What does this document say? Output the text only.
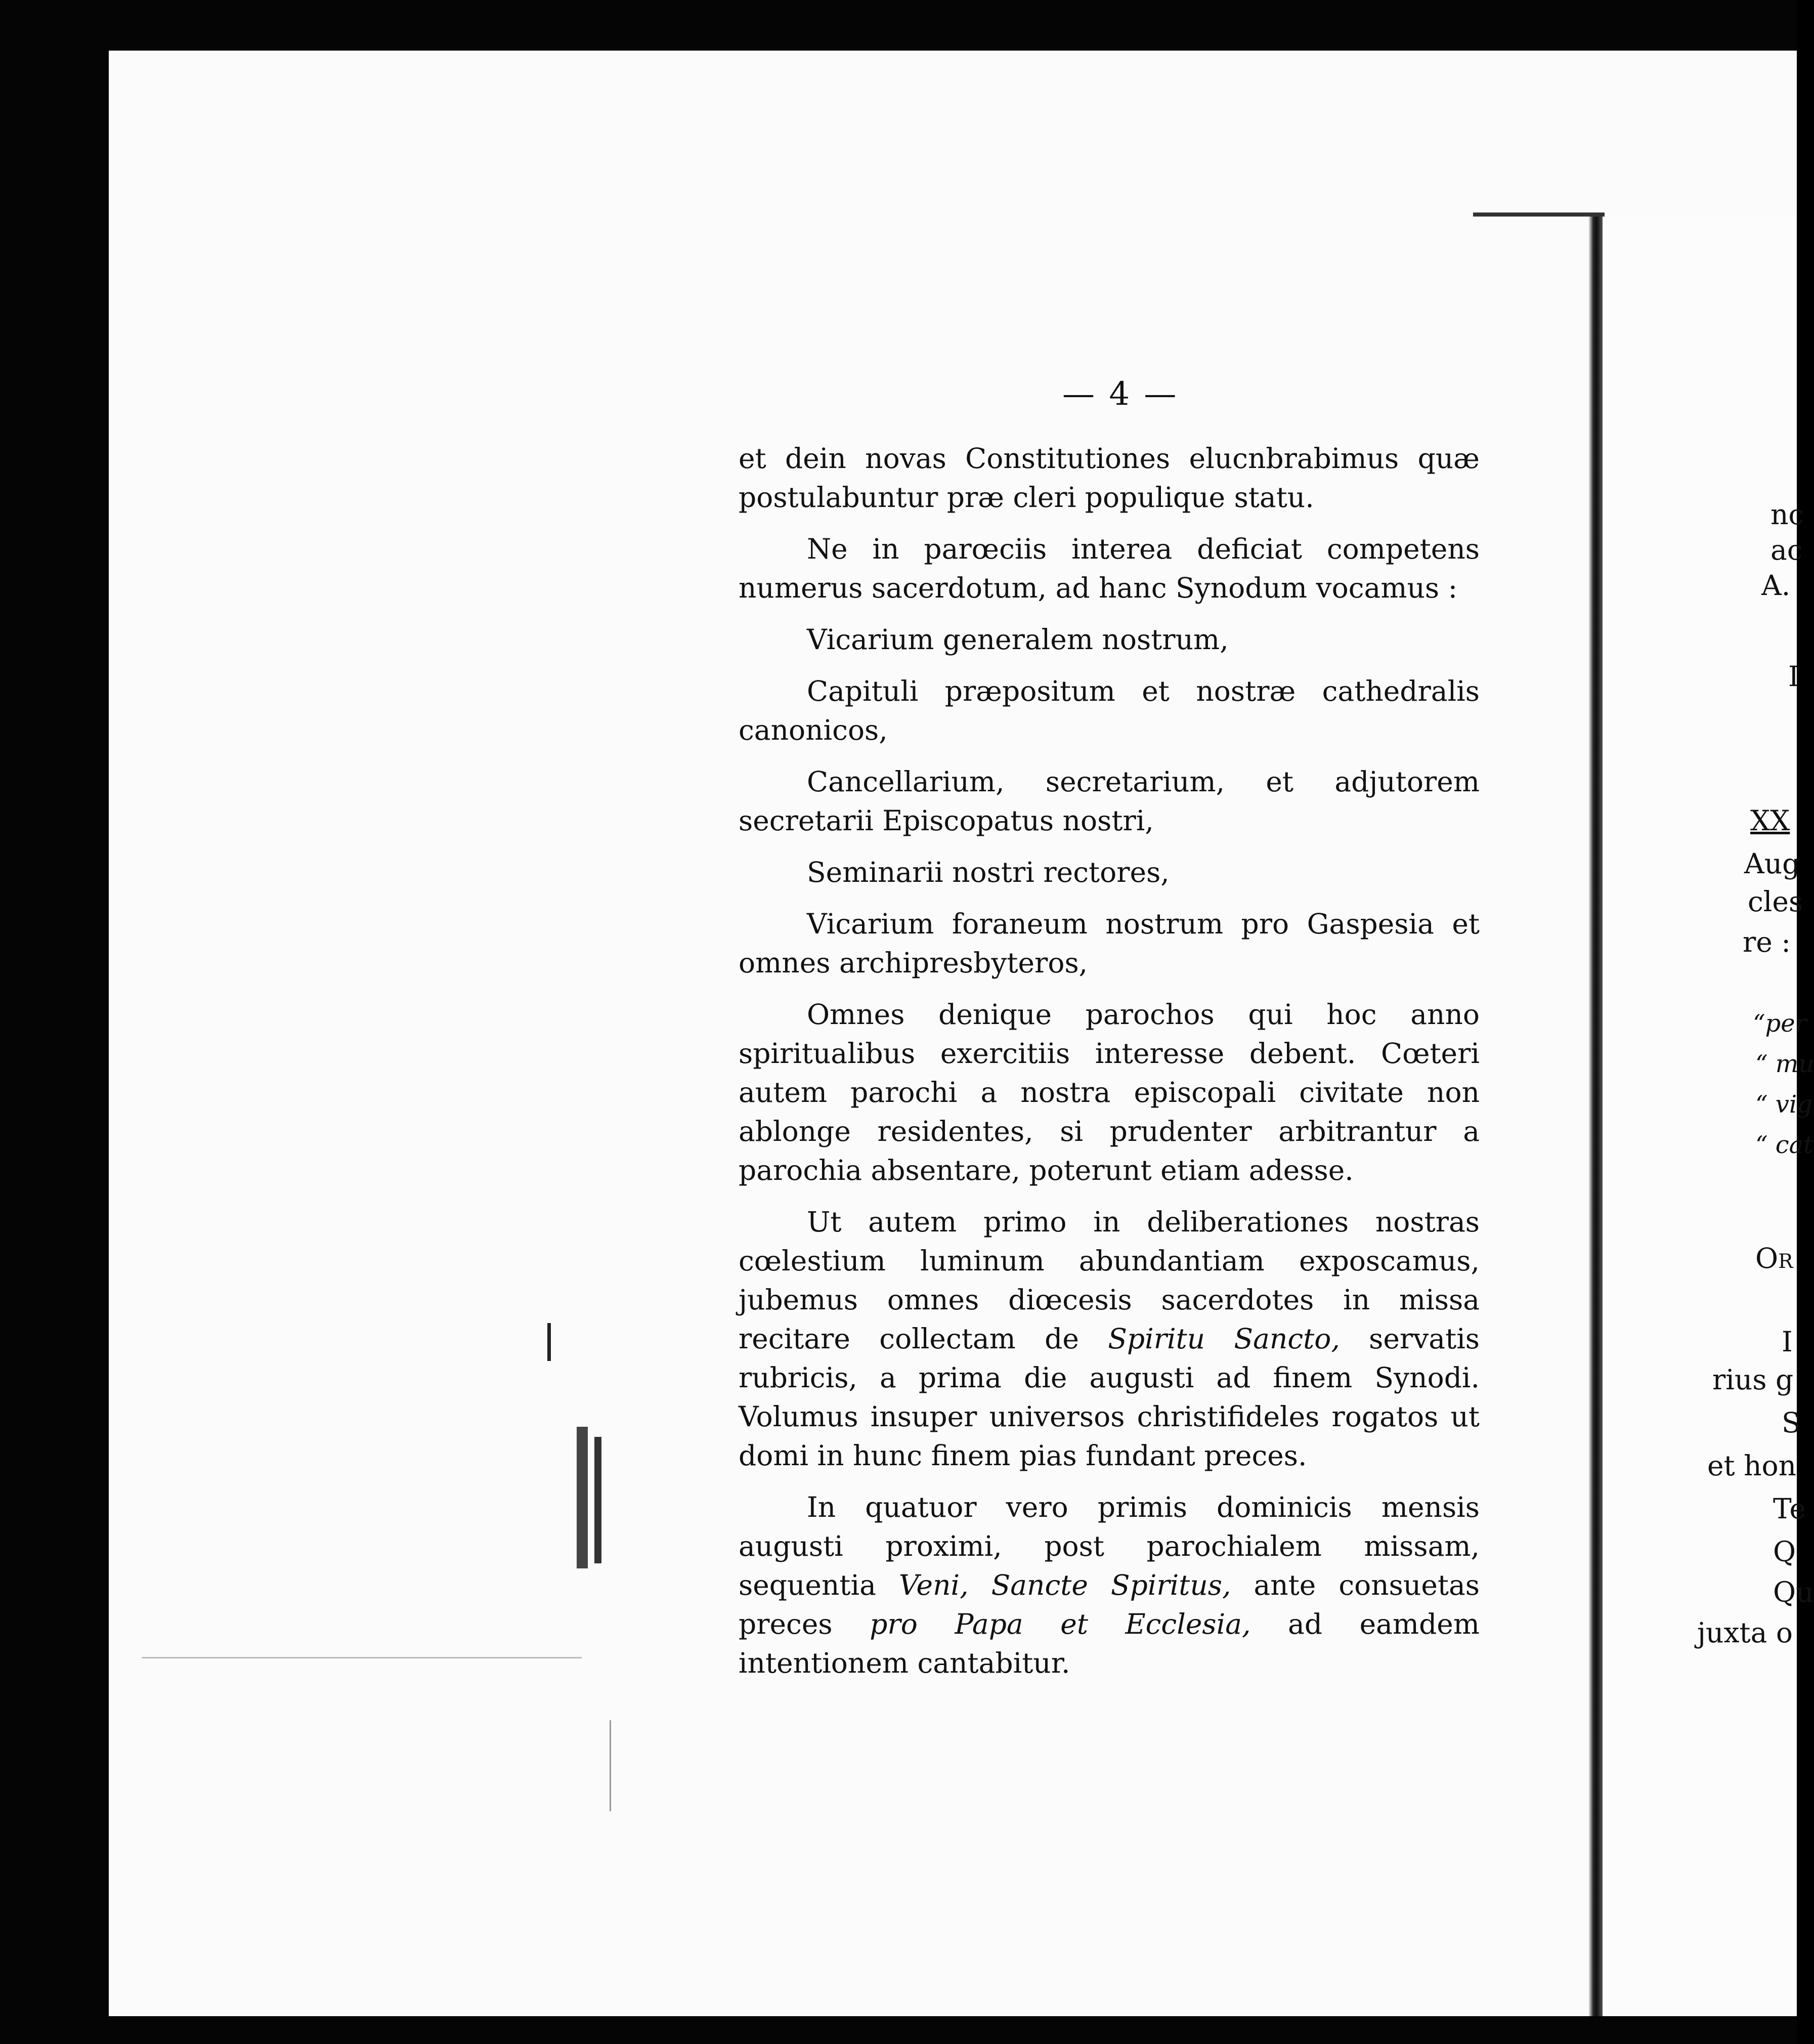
— 4 —

et dein novas Constitutiones elucnbrabimus quæ postulabuntur præ cleri populique statu.

Ne in parœciis interea deficiat competens numerus sacerdotum, ad hanc Synodum vocamus :

Vicarium generalem nostrum,

Capituli præpositum et nostræ cathedralis canonicos,

Cancellarium, secretarium, et adjutorem secretarii Episcopatus nostri,

Seminarii nostri rectores,

Vicarium foraneum nostrum pro Gaspesia et omnes archipresbyteros,

Omnes denique parochos qui hoc anno spiritualibus exercitiis interesse debent. Cœteri autem parochi a nostra episcopali civitate non ablonge residentes, si prudenter arbitrantur a parochia absentare, poterunt etiam adesse.

Ut autem primo in deliberationes nostras cœlestium luminum abundantiam exposcamus, jubemus omnes diœcesis sacerdotes in missa recitare collectam de Spiritu Sancto, servatis rubricis, a prima die augusti ad finem Synodi. Volumus insuper universos christifideles rogatos ut domi in hunc finem pias fundant preces.

In quatuor vero primis dominicis mensis augusti proximi, post parochialem missam, sequentia Veni, Sancte Spiritus, ante consuetas preces pro Papa et Ecclesia, ad eamdem intentionem cantabitur.

nc
ac
A.
I
XX
Aug
cles
re :
“per
“ mu
“ vig
“ cat
Or
I
rius g
S
et hon
Te
Q
Qu
juxta o
